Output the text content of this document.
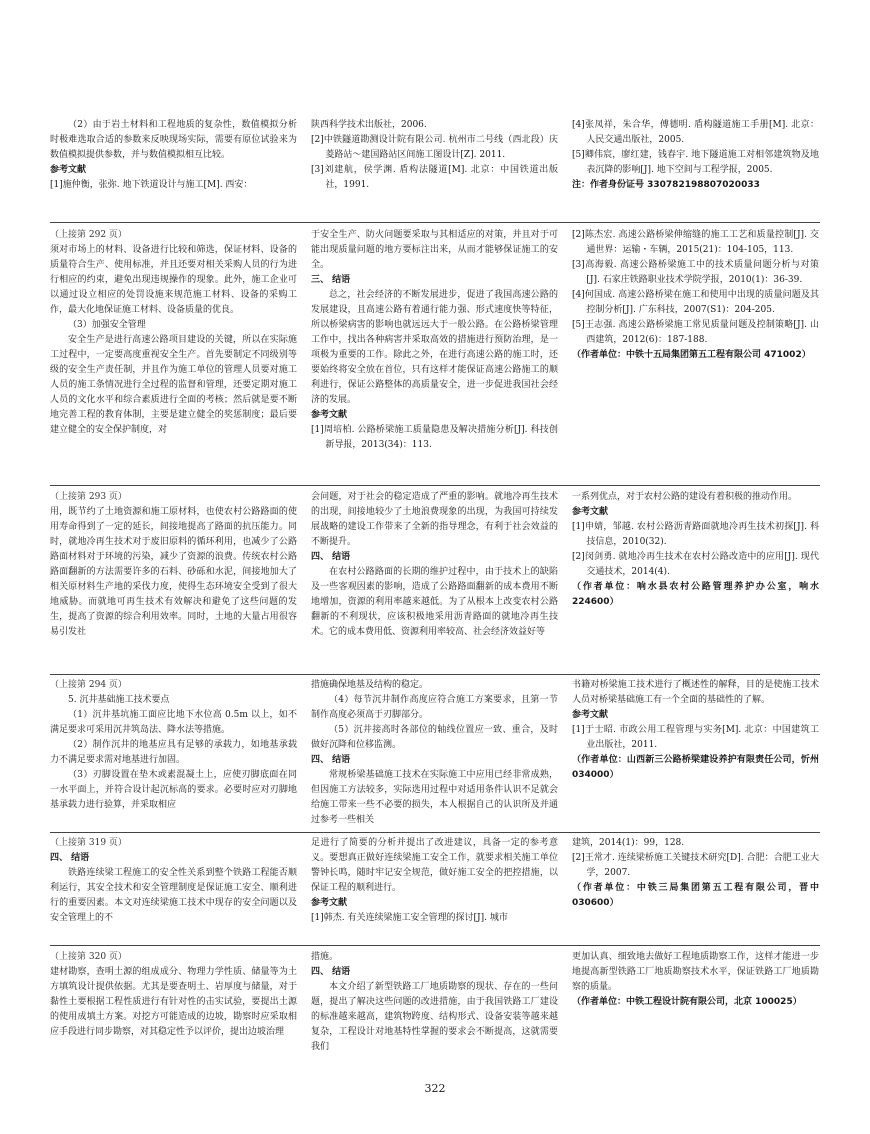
（2）由于岩土材料和工程地质的复杂性，数值模拟分析时极难选取合适的参数来反映现场实际，需要有原位试验来为数值模拟提供参数，并与数值模拟相互比较。

参考文献

[1]施仲衡，张弥. 地下铁道设计与施工[M]. 西安：

陕西科学技术出版社，2006.

[2]中铁隧道勘测设计院有限公司. 杭州市二号线（西北段）庆菱路站～建国路站区间施工图设计[Z]. 2011.

[3]刘建航，侯学渊. 盾构法隧道[M]. 北京：中国铁道出版社，1991.

[4]张凤祥，朱合华，傅德明. 盾构隧道施工手册[M]. 北京：人民交通出版社，2005.

[5]卿伟宸，廖红建，钱春宇. 地下隧道施工对相邻建筑物及地表沉降的影响[J]. 地下空间与工程学报，2005.

注：作者身份证号 330782198807020033

（上接第 292 页）

须对市场上的材料、设备进行比较和筛选，保证材料、设备的质量符合生产、使用标准，并且还要对相关采购人员的行为进行相应的约束，避免出现违规操作的现象。此外，施工企业可以通过设立相应的处罚设施来规范施工材料、设备的采购工作，最大化地保证施工材料、设备质量的优良。

（3）加强安全管理

安全生产是进行高速公路项目建设的关键，所以在实际施工过程中，一定要高度重视安全生产。首先要制定不同级别等级的安全生产责任制，并且作为施工单位的管理人员要对施工人员的施工条情况进行全过程的监督和管理，还要定期对施工人员的文化水平和综合素质进行全面的考核；然后就是要不断地完善工程的教育体制，主要是建立健全的奖惩制度；最后要建立健全的安全保护制度，对

于安全生产、防火问题要采取与其相适应的对策，并且对于可能出现质量问题的地方要标注出来，从而才能够保证施工的安全。

三、 结语

总之，社会经济的不断发展进步，促进了我国高速公路的发展建设，且高速公路有着通行能力强、形式速度快等特征，所以桥梁病害的影响也就远远大于一般公路。在公路桥梁管理工作中，找出各种病害并采取高效的措施进行预防治理，是一项极为重要的工作。除此之外，在进行高速公路的施工时，还要始终将安全放在首位，只有这样才能保证高速公路施工的顺利进行，保证公路整体的高质量安全，进一步促进我国社会经济的发展。

参考文献

[1]周培柏. 公路桥梁施工质量隐患及解决措施分析[J]. 科技创新导报，2013(34)：113.

[2]陈杰宏. 高速公路桥梁伸缩缝的施工工艺和质量控制[J]. 交通世界：运输・车辆，2015(21)：104-105，113.

[3]高海毅. 高速公路桥梁施工中的技术质量问题分析与对策[J]. 石家庄铁路职业技术学院学报，2010(1)：36-39.

[4]何国成. 高速公路桥梁在施工和使用中出现的质量问题及其控制分析[J]. 广东科技，2007(S1)：204-205.

[5]王志强. 高速公路桥梁施工常见质量问题及控制策略[J]. 山西建筑，2012(6)：187-188.

（作者单位：中铁十五局集团第五工程有限公司 471002）

（上接第 293 页）

用，既节约了土地资源和施工原材料，也使农村公路路面的使用寿命得到了一定的延长，间接地提高了路面的抗压能力。同时，就地冷再生技术对于废旧原料的循环利用，也减少了公路路面材料对于环境的污染，减少了资源的浪费。传统农村公路路面翻新的方法需要许多的石料、砂砾和水泥，间接地加大了相关原材料生产地的采伐力度，使得生态环境安全受到了很大地威胁。而就地可再生技术有效解决和避免了这些问题的发生，提高了资源的综合利用效率。同时，土地的大量占用很容易引发社

会问题，对于社会的稳定造成了严重的影响。就地冷再生技术的出现，间接地较少了土地浪费现象的出现，为我国可持续发展战略的建设工作带来了全新的指导理念，有利于社会效益的不断提升。

四、 结语

在农村公路路面的长期的维护过程中，由于技术上的缺陷及一些客观因素的影响，造成了公路路面翻新的成本费用不断地增加，资源的利用率越来越低。为了从根本上改变农村公路翻新的不利现状，应该积极地采用沥青路面的就地冷再生技术。它的成本费用低、资源利用率较高、社会经济效益好等

一系列优点，对于农村公路的建设有着积极的推动作用。

参考文献

[1]申婧，邹越. 农村公路沥青路面就地冷再生技术初探[J]. 科技信息，2010(32).

[2]闵剑勇. 就地冷再生技术在农村公路改造中的应用[J]. 现代交通技术，2014(4).

（作者单位：响水县农村公路管理养护办公室，响水 224600）

（上接第 294 页）

5. 沉井基础施工技术要点

（1）沉井基坑施工面应比地下水位高 0.5m 以上，如不满足要求可采用沉井筑岛法、降水法等措施。

（2）制作沉井的地基应具有足够的承载力，如地基承载力不满足要求需对地基进行加固。

（3）刃脚设置在垫木或素混凝土上，应使刃脚底面在同一水平面上，并符合设计起沉标高的要求。必要时应对刃脚地基承载力进行验算，并采取相应

措施确保地基及结构的稳定。

（4）每节沉井制作高度应符合施工方案要求，且第一节制作高度必须高于刃脚部分。

（5）沉井接高时各部位的轴线位置应一致、重合，及时做好沉降和位移监测。

四、 结语

常规桥梁基础施工技术在实际施工中应用已经非常成熟，但因施工方法较多，实际选用过程中对适用条件认识不足就会给施工带来一些不必要的损失，本人根据自己的认识所及并通过参考一些相关

书籍对桥梁施工技术进行了概述性的解释，目的是使施工技术人员对桥梁基础施工有一个全面的基础性的了解。

参考文献

[1]于士昭. 市政公用工程管理与实务[M]. 北京：中国建筑工业出版社，2011.

（作者单位：山西新三公路桥梁建设养护有限责任公司，忻州 034000）

（上接第 319 页）

四、 结语

铁路连续梁工程施工的安全性关系到整个铁路工程能否顺利运行，其安全技术和安全管理制度是保证施工安全、顺利进行的重要因素。本文对连续梁施工技术中现存的安全问题以及安全管理上的不

足进行了简要的分析并提出了改进建议，具备一定的参考意义。要想真正做好连续梁施工安全工作，就要求相关施工单位警钟长鸣，随时牢记安全规范，做好施工安全的把控措施，以保证工程的顺利进行。

参考文献

[1]韩杰. 有关连续梁施工安全管理的探讨[J]. 城市

建筑，2014(1)：99，128.

[2]王常才. 连续梁桥施工关键技术研究[D]. 合肥：合肥工业大学，2007.

（作者单位：中铁三局集团第五工程有限公司，晋中 030600）

（上接第 320 页）

建材勘察，查明土源的组成成分、物理力学性质、储量等为土方填筑设计提供依据。尤其是要查明土、岩厚度与储量，对于黏性土要根据工程性质进行有针对性的击实试验，要提出土源的使用成填土方案。对挖方可能造成的边坡，勘察时应采取相应手段进行同步勘察，对其稳定性予以评价，提出边坡治理

措施。

四、 结语

本文介绍了新型铁路工厂地质勘察的现状、存在的一些问题，提出了解决这些问题的改进措施，由于我国铁路工厂建设的标准越来越高，建筑物跨度、结构形式、设备安装等越来越复杂，工程设计对地基特性掌握的要求会不断提高，这就需要我们

更加认真、细致地去做好工程地质勘察工作，这样才能进一步地提高新型铁路工厂地质勘察技术水平，保证铁路工厂地质勘察的质量。

（作者单位：中铁工程设计院有限公司，北京 100025）

322
